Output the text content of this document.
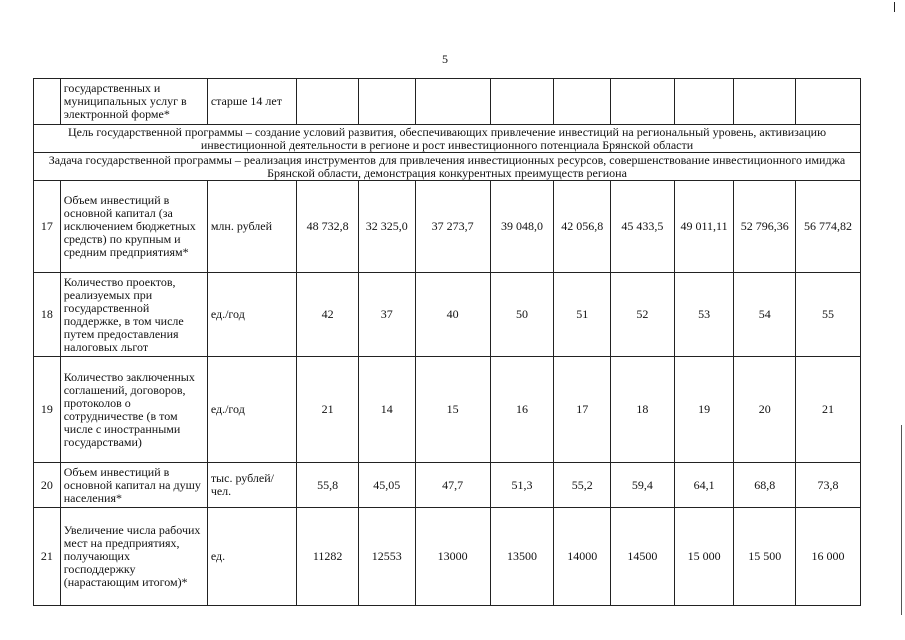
5
	государственных и муниципальных услуг в электронной форме*	старше 14 лет									
Цель государственной программы – создание условий развития, обеспечивающих привлечение инвестиций на региональный уровень, активизацию инвестиционной деятельности в регионе и рост инвестиционного потенциала Брянской области											
Задача государственной программы – реализация инструментов для привлечения инвестиционных ресурсов, совершенствование инвестиционного имиджа Брянской области, демонстрация конкурентных преимуществ региона											
17	Объем инвестиций в основной капитал (за исключением бюджетных средств) по крупным и средним предприятиям*	млн. рублей	48 732,8	32 325,0	37 273,7	39 048,0	42 056,8	45 433,5	49 011,11	52 796,36	56 774,82
18	Количество проектов, реализуемых при государственной поддержке, в том числе путем предоставления налоговых льгот	ед./год	42	37	40	50	51	52	53	54	55
19	Количество заключенных соглашений, договоров, протоколов о сотрудничестве (в том числе с иностранными государствами)	ед./год	21	14	15	16	17	18	19	20	21
20	Объем инвестиций в основной капитал на душу населения*	тыс. рублей/чел.	55,8	45,05	47,7	51,3	55,2	59,4	64,1	68,8	73,8
21	Увеличение числа рабочих мест на предприятиях, получающих господдержку (нарастающим итогом)*	ед.	11282	12553	13000	13500	14000	14500	15 000	15 500	16 000
